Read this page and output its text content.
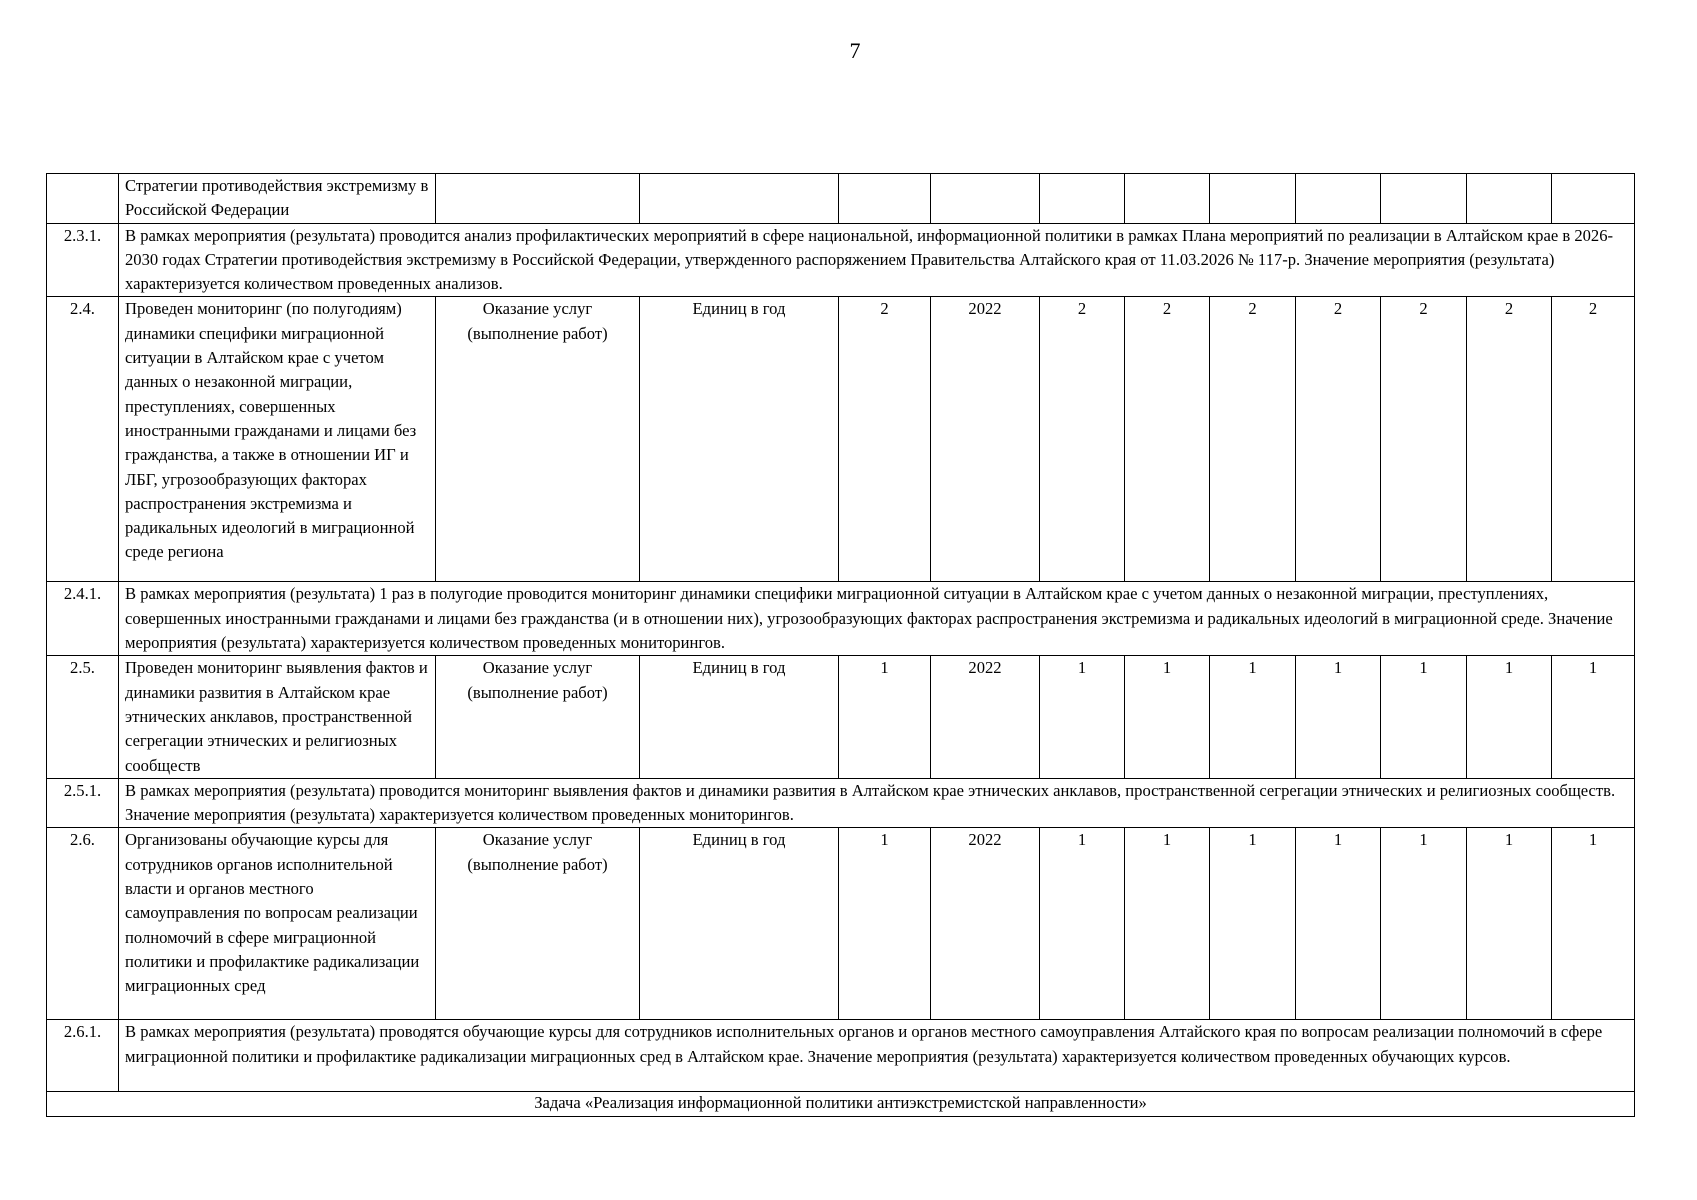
7
	Стратегии противодействия экстремизму в Российской Федерации											
2.3.1.	В рамках мероприятия (результата) проводится анализ профилактических мероприятий в сфере национальной, информационной политики в рамках Плана мероприятий по реализации в Алтайском крае в 2026-2030 годах Стратегии противодействия экстремизму в Российской Федерации, утвержденного распоряжением Правительства Алтайского края от 11.03.2026 № 117-р. Значение мероприятия (результата) характеризуется количеством проведенных анализов.											
2.4.	Проведен мониторинг (по полугодиям) динамики специфики миграционной ситуации в Алтайском крае с учетом данных о незаконной миграции, преступлениях, совершенных иностранными гражданами и лицами без гражданства, а также в отношении ИГ и ЛБГ, угрозообразующих факторах распространения экстремизма и радикальных идеологий в миграционной среде региона	Оказание услуг (выполнение работ)	Единиц в год	2	2022	2	2	2	2	2	2	2
2.4.1.	В рамках мероприятия (результата) 1 раз в полугодие проводится мониторинг динамики специфики миграционной ситуации в Алтайском крае с учетом данных о незаконной миграции, преступлениях, совершенных иностранными гражданами и лицами без гражданства (и в отношении них), угрозообразующих факторах распространения экстремизма и радикальных идеологий в миграционной среде. Значение мероприятия (результата) характеризуется количеством проведенных мониторингов.											
2.5.	Проведен мониторинг выявления фактов и динамики развития в Алтайском крае этнических анклавов, пространственной сегрегации этнических и религиозных сообществ	Оказание услуг (выполнение работ)	Единиц в год	1	2022	1	1	1	1	1	1	1
2.5.1.	В рамках мероприятия (результата) проводится мониторинг выявления фактов и динамики развития в Алтайском крае этнических анклавов, пространственной сегрегации этнических и религиозных сообществ. Значение мероприятия (результата) характеризуется количеством проведенных мониторингов.											
2.6.	Организованы обучающие курсы для сотрудников органов исполнительной власти и органов местного самоуправления по вопросам реализации полномочий в сфере миграционной политики и профилактике радикализации миграционных сред	Оказание услуг (выполнение работ)	Единиц в год	1	2022	1	1	1	1	1	1	1
2.6.1.	В рамках мероприятия (результата) проводятся обучающие курсы для сотрудников исполнительных органов и органов местного самоуправления Алтайского края по вопросам реализации полномочий в сфере миграционной политики и профилактике радикализации миграционных сред в Алтайском крае. Значение мероприятия (результата) характеризуется количеством проведенных обучающих курсов.											
Задача «Реализация информационной политики антиэкстремистской направленности»												
